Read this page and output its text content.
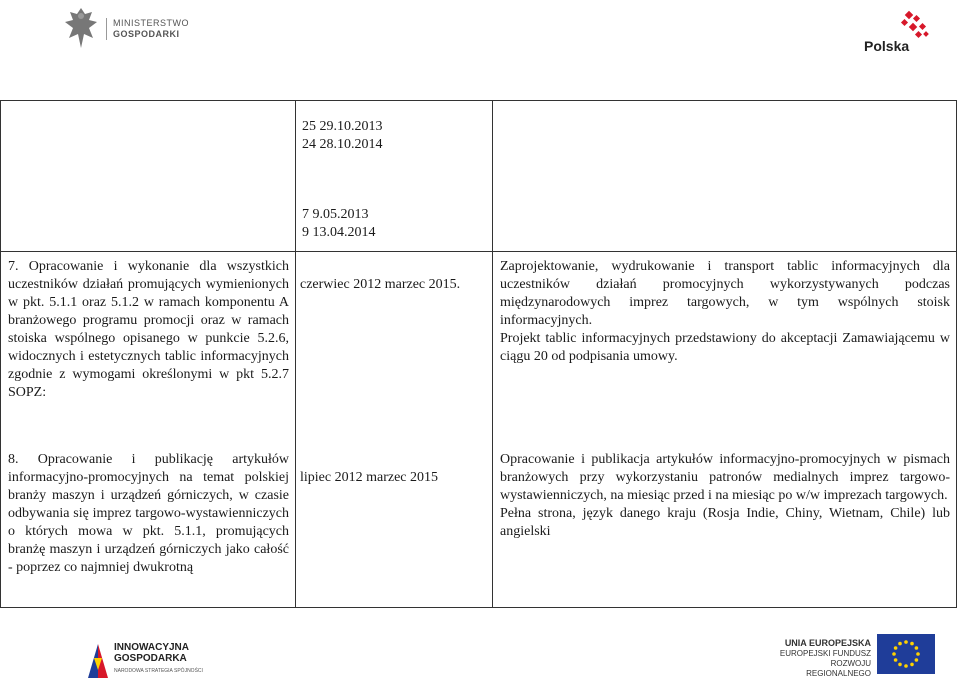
MINISTERSTWO
GOSPODARKI
Polska
25 29.10.2013
24 28.10.2014
7 9.05.2013
9 13.04.2014
7. Opracowanie i wykonanie dla wszystkich uczestników działań promujących wymienionych w pkt. 5.1.1 oraz 5.1.2 w ramach komponentu A branżowego programu promocji oraz w ramach stoiska wspólnego opisanego w punkcie 5.2.6, widocznych i estetycznych tablic informacyjnych zgodnie z wymogami określonymi w pkt 5.2.7 SOPZ:
czerwiec 2012 marzec 2015.
Zaprojektowanie, wydrukowanie i transport tablic informacyjnych dla uczestników działań promocyjnych wykorzystywanych podczas międzynarodowych imprez targowych, w tym wspólnych stoisk informacyjnych.
Projekt tablic informacyjnych przedstawiony do akceptacji Zamawiającemu w ciągu 20 od podpisania umowy.
8. Opracowanie i publikację artykułów informacyjno-promocyjnych na temat polskiej branży maszyn i urządzeń górniczych, w czasie odbywania się imprez targowo-wystawienniczych o których mowa w pkt. 5.1.1, promujących branżę maszyn i urządzeń górniczych jako całość - poprzez co najmniej dwukrotną
lipiec 2012 marzec 2015
Opracowanie i publikacja artykułów informacyjno-promocyjnych w pismach branżowych przy wykorzystaniu patronów medialnych imprez targowo-wystawienniczych, na miesiąc przed i na miesiąc po w/w imprezach targowych.
Pełna strona, język danego kraju (Rosja Indie, Chiny, Wietnam, Chile) lub angielski
INNOWACYJNA
GOSPODARKA
NARODOWA STRATEGIA SPÓJNOŚCI
UNIA EUROPEJSKA
EUROPEJSKI FUNDUSZ
ROZWOJU REGIONALNEGO
